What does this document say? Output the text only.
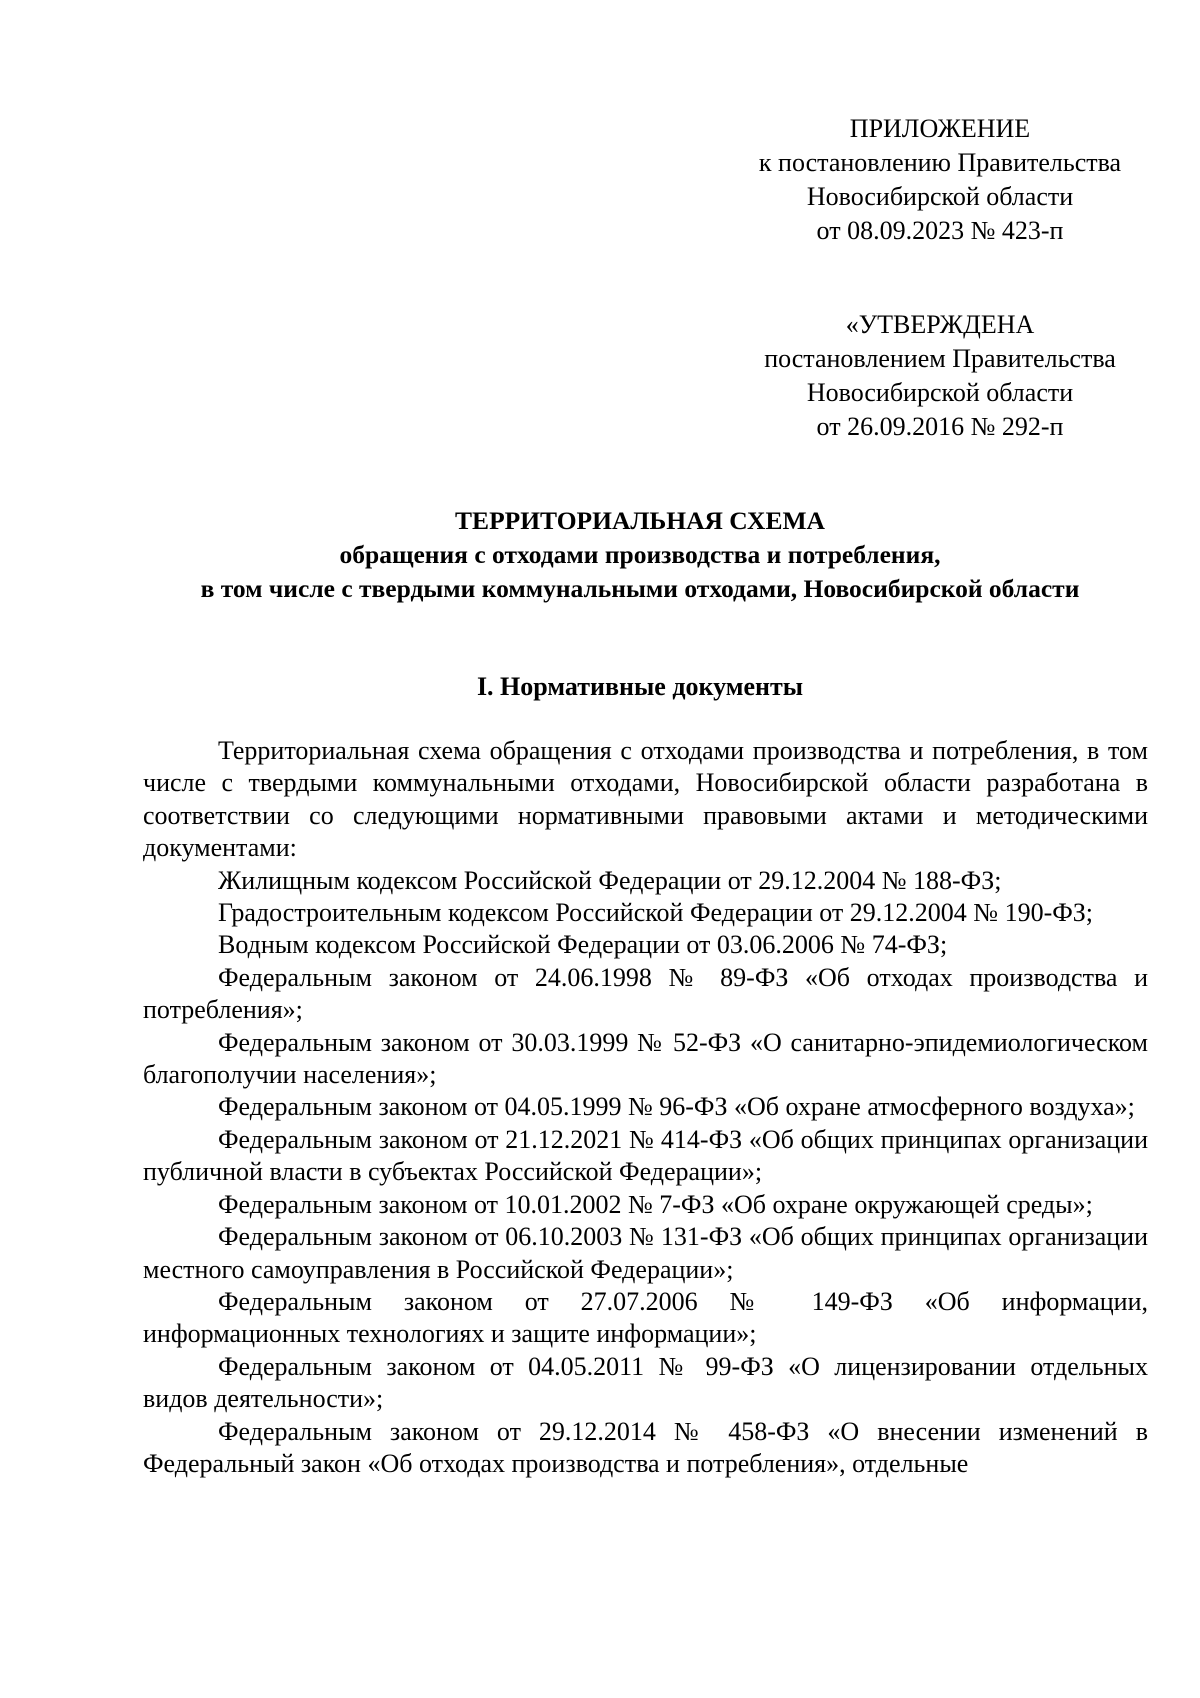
ПРИЛОЖЕНИЕ
к постановлению Правительства
Новосибирской области
от 08.09.2023 № 423-п
«УТВЕРЖДЕНА
постановлением Правительства
Новосибирской области
от 26.09.2016 № 292-п
ТЕРРИТОРИАЛЬНАЯ СХЕМА
обращения с отходами производства и потребления,
в том числе с твердыми коммунальными отходами, Новосибирской области
I. Нормативные документы

Территориальная схема обращения с отходами производства и потребления, в том числе с твердыми коммунальными отходами, Новосибирской области разработана в соответствии со следующими нормативными правовыми актами и методическими документами:

Жилищным кодексом Российской Федерации от 29.12.2004 № 188-ФЗ;

Градостроительным кодексом Российской Федерации от 29.12.2004 № 190-ФЗ;

Водным кодексом Российской Федерации от 03.06.2006 № 74-ФЗ;

Федеральным законом от 24.06.1998 № 89-ФЗ «Об отходах производства и потребления»;

Федеральным законом от 30.03.1999 № 52-ФЗ «О санитарно-эпидемиологическом благополучии населения»;

Федеральным законом от 04.05.1999 № 96-ФЗ «Об охране атмосферного воздуха»;

Федеральным законом от 21.12.2021 № 414-ФЗ «Об общих принципах организации публичной власти в субъектах Российской Федерации»;

Федеральным законом от 10.01.2002 № 7-ФЗ «Об охране окружающей среды»;

Федеральным законом от 06.10.2003 № 131-ФЗ «Об общих принципах организации местного самоуправления в Российской Федерации»;

Федеральным законом от 27.07.2006 № 149-ФЗ «Об информации, информационных технологиях и защите информации»;

Федеральным законом от 04.05.2011 № 99-ФЗ «О лицензировании отдельных видов деятельности»;

Федеральным законом от 29.12.2014 № 458-ФЗ «О внесении изменений в Федеральный закон «Об отходах производства и потребления», отдельные
